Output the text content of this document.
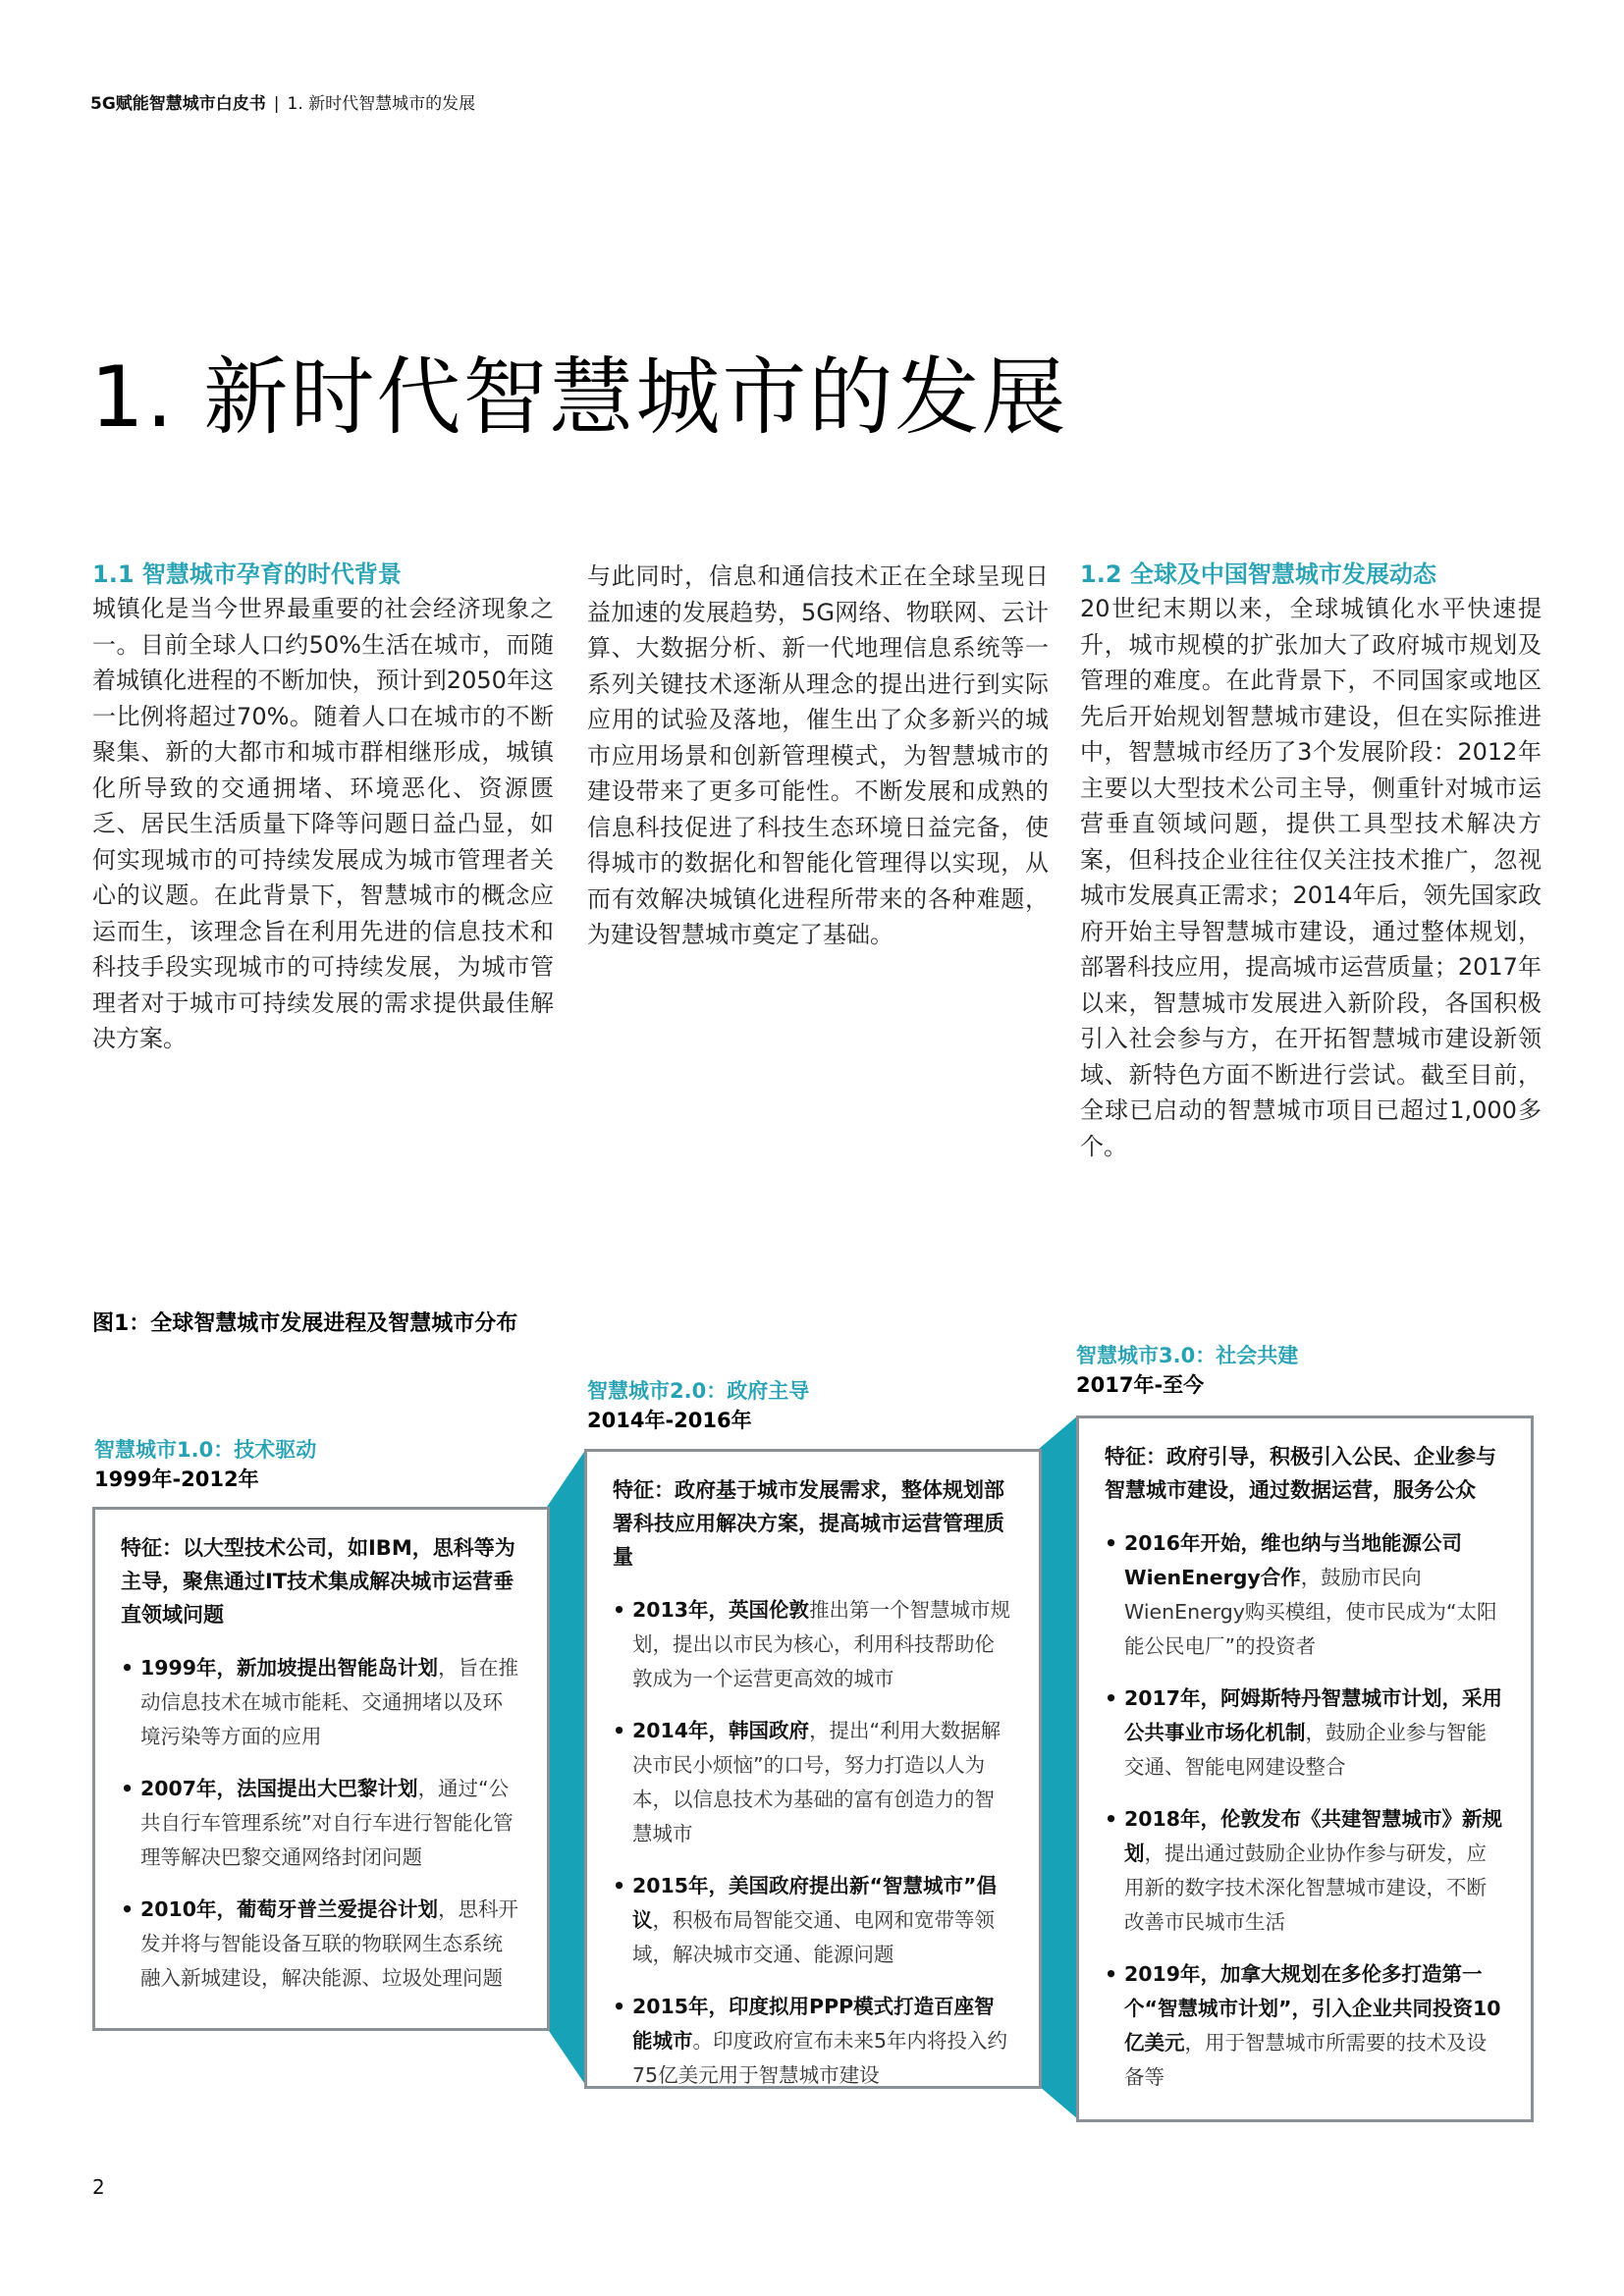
5G赋能智慧城市白皮书 | 1. 新时代智慧城市的发展
1. 新时代智慧城市的发展
1.1 智慧城市孕育的时代背景

城镇化是当今世界最重要的社会经济现象之一。目前全球人口约50%生活在城市，而随着城镇化进程的不断加快，预计到2050年这一比例将超过70%。随着人口在城市的不断聚集、新的大都市和城市群相继形成，城镇化所导致的交通拥堵、环境恶化、资源匮乏、居民生活质量下降等问题日益凸显，如何实现城市的可持续发展成为城市管理者关心的议题。在此背景下，智慧城市的概念应运而生，该理念旨在利用先进的信息技术和科技手段实现城市的可持续发展，为城市管理者对于城市可持续发展的需求提供最佳解决方案。

与此同时，信息和通信技术正在全球呈现日益加速的发展趋势，5G网络、物联网、云计算、大数据分析、新一代地理信息系统等一系列关键技术逐渐从理念的提出进行到实际应用的试验及落地，催生出了众多新兴的城市应用场景和创新管理模式，为智慧城市的建设带来了更多可能性。不断发展和成熟的信息科技促进了科技生态环境日益完备，使得城市的数据化和智能化管理得以实现，从而有效解决城镇化进程所带来的各种难题，为建设智慧城市奠定了基础。

1.2 全球及中国智慧城市发展动态

20世纪末期以来，全球城镇化水平快速提升，城市规模的扩张加大了政府城市规划及管理的难度。在此背景下，不同国家或地区先后开始规划智慧城市建设，但在实际推进中，智慧城市经历了3个发展阶段：2012年主要以大型技术公司主导，侧重针对城市运营垂直领域问题，提供工具型技术解决方案，但科技企业往往仅关注技术推广，忽视城市发展真正需求；2014年后，领先国家政府开始主导智慧城市建设，通过整体规划，部署科技应用，提高城市运营质量；2017年以来，智慧城市发展进入新阶段，各国积极引入社会参与方，在开拓智慧城市建设新领域、新特色方面不断进行尝试。截至目前，全球已启动的智慧城市项目已超过1,000多个。

图1：全球智慧城市发展进程及智慧城市分布
智慧城市1.0：技术驱动
1999年-2012年

特征：以大型技术公司，如IBM，思科等为主导，聚焦通过IT技术集成解决城市运营垂直领域问题

• 1999年，新加坡提出智能岛计划，旨在推动信息技术在城市能耗、交通拥堵以及环境污染等方面的应用
• 2007年，法国提出大巴黎计划，通过“公共自行车管理系统”对自行车进行智能化管理等解决巴黎交通网络封闭问题
• 2010年，葡萄牙普兰爱提谷计划，思科开发并将与智能设备互联的物联网生态系统融入新城建设，解决能源、垃圾处理问题
智慧城市2.0：政府主导
2014年-2016年

特征：政府基于城市发展需求，整体规划部署科技应用解决方案，提高城市运营管理质量

• 2013年，英国伦敦推出第一个智慧城市规划，提出以市民为核心，利用科技帮助伦敦成为一个运营更高效的城市
• 2014年，韩国政府，提出“利用大数据解决市民小烦恼”的口号，努力打造以人为本，以信息技术为基础的富有创造力的智慧城市
• 2015年，美国政府提出新“智慧城市”倡议，积极布局智能交通、电网和宽带等领域，解决城市交通、能源问题
• 2015年，印度拟用PPP模式打造百座智能城市。印度政府宣布未来5年内将投入约75亿美元用于智慧城市建设
智慧城市3.0：社会共建
2017年-至今

特征：政府引导，积极引入公民、企业参与智慧城市建设，通过数据运营，服务公众

• 2016年开始，维也纳与当地能源公司WienEnergy合作，鼓励市民向WienEnergy购买模组，使市民成为“太阳能公民电厂”的投资者
• 2017年，阿姆斯特丹智慧城市计划，采用公共事业市场化机制，鼓励企业参与智能交通、智能电网建设整合
• 2018年，伦敦发布《共建智慧城市》新规划，提出通过鼓励企业协作参与研发，应用新的数字技术深化智慧城市建设，不断改善市民城市生活
• 2019年，加拿大规划在多伦多打造第一个“智慧城市计划”，引入企业共同投资10亿美元，用于智慧城市所需要的技术及设备等
2
